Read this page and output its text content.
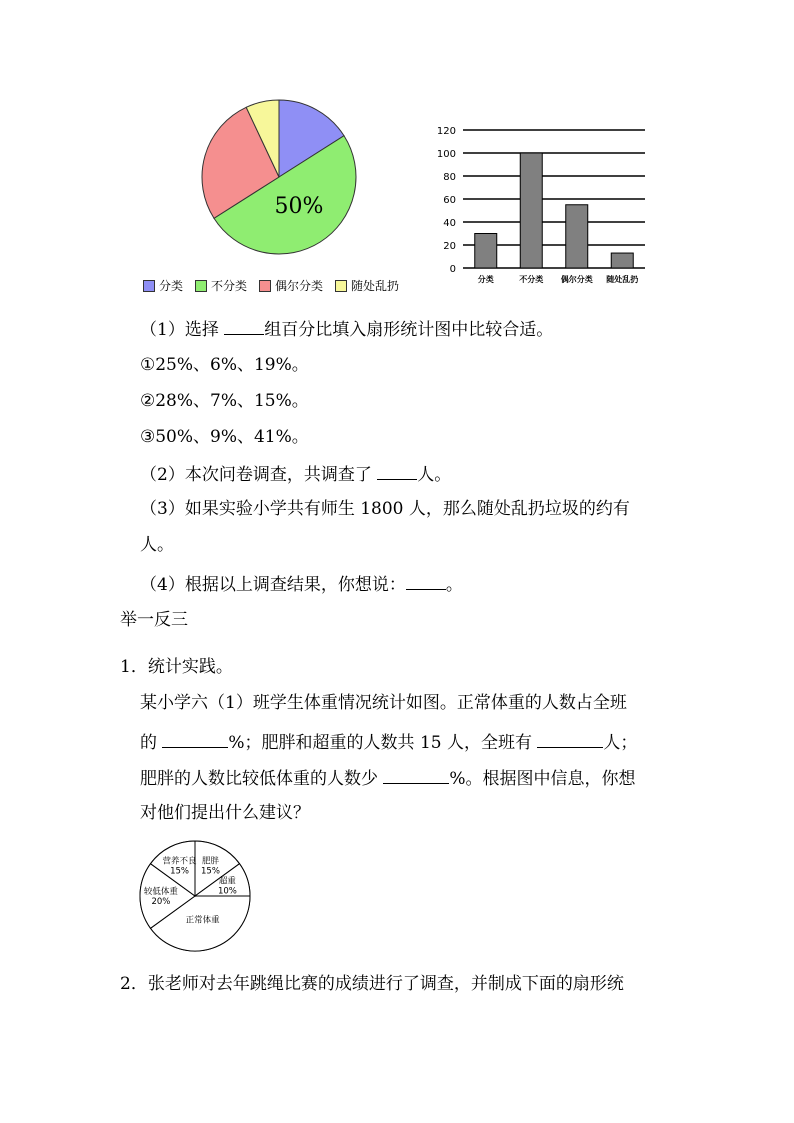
50%
分类 不分类 偶尔分类 随处乱扔
0
20
40
60
80
100
120
分类	不分类 偶尔分类 随处乱扔
（1）选择	组百分比填入扇形统计图中比较合适。
①25%、6%、19%。
②28%、7%、15%。
③50%、9%、41%。
（2）本次问卷调查，共调查了	人。
（3）如果实验小学共有师生 1800 人，那么随处乱扔垃圾的约有
人。
（4）根据以上调查结果，你想说： 。
举一反三
1．统计实践。
某小学六（1）班学生体重情况统计如图。正常体重的人数占全班
的	%；肥胖和超重的人数共 15 人，全班有	人；
肥胖的人数比较低体重的人数少	%。根据图中信息，你想
对他们提出什么建议？
肥胖
15%
超重
10%
正常体重
较低体重
20%
营养不良
15%
2．张老师对去年跳绳比赛的成绩进行了调查，并制成下面的扇形统
